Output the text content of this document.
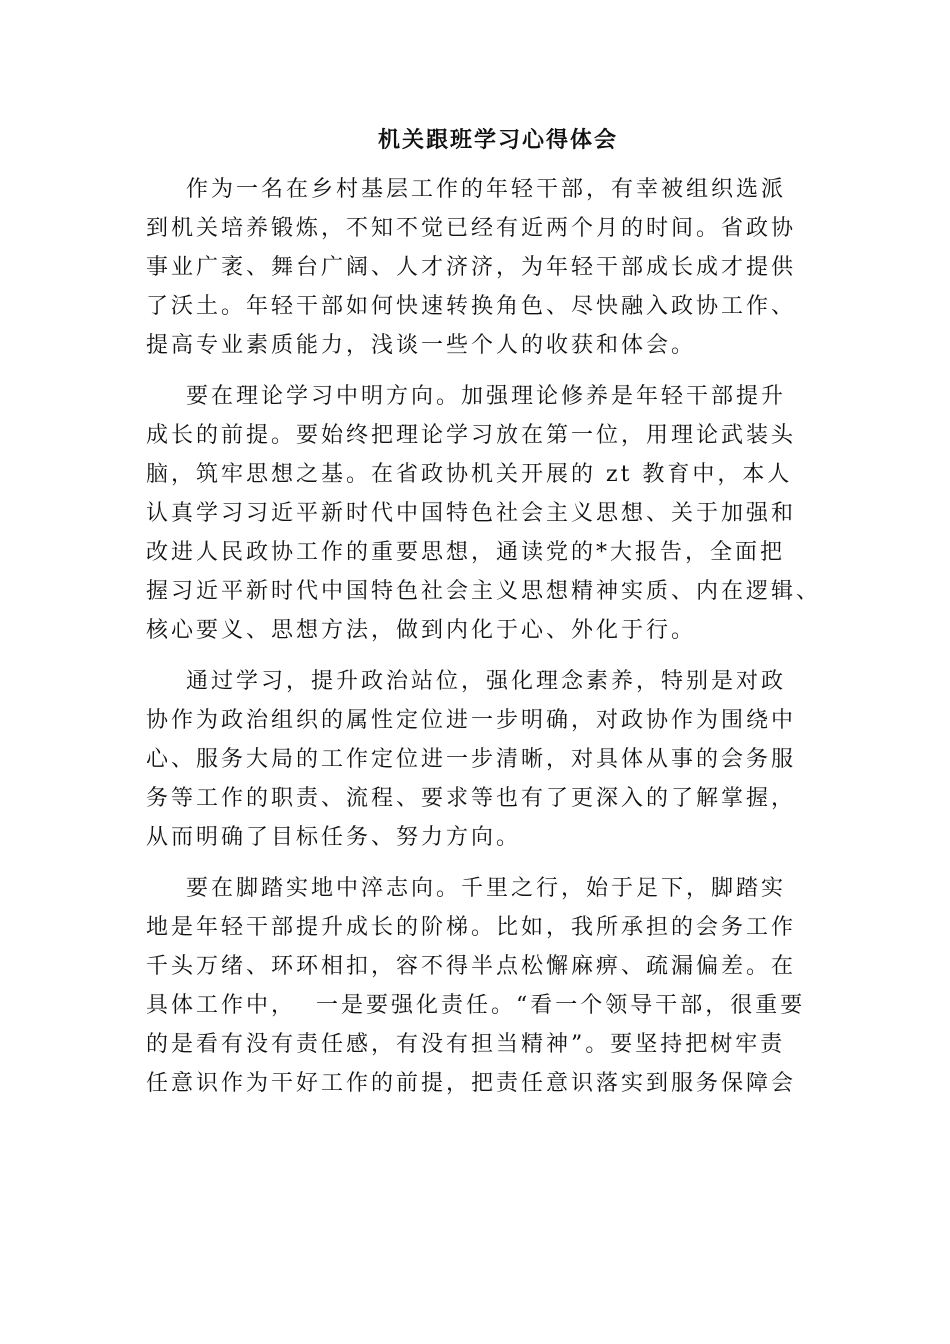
机关跟班学习心得体会
作为一名在乡村基层工作的年轻干部，有幸被组织选派
到机关培养锻炼，不知不觉已经有近两个月的时间。省政协
事业广袤、舞台广阔、人才济济，为年轻干部成长成才提供
了沃土。年轻干部如何快速转换角色、尽快融入政协工作、
提高专业素质能力，浅谈一些个人的收获和体会。
要在理论学习中明方向。加强理论修养是年轻干部提升
成长的前提。要始终把理论学习放在第一位，用理论武装头
脑，筑牢思想之基。在省政协机关开展的 zt 教育中，本人
认真学习习近平新时代中国特色社会主义思想、关于加强和
改进人民政协工作的重要思想，通读党的*大报告，全面把
握习近平新时代中国特色社会主义思想精神实质、内在逻辑、
核心要义、思想方法，做到内化于心、外化于行。
通过学习，提升政治站位，强化理念素养，特别是对政
协作为政治组织的属性定位进一步明确，对政协作为围绕中
心、服务大局的工作定位进一步清晰，对具体从事的会务服
务等工作的职责、流程、要求等也有了更深入的了解掌握，
从而明确了目标任务、努力方向。
要在脚踏实地中淬志向。千里之行，始于足下，脚踏实
地是年轻干部提升成长的阶梯。比如，我所承担的会务工作
千头万绪、环环相扣，容不得半点松懈麻痹、疏漏偏差。在
具体工作中，  一是要强化责任。“看一个领导干部，很重要
的是看有没有责任感，有没有担当精神”。要坚持把树牢责
任意识作为干好工作的前提，把责任意识落实到服务保障会
